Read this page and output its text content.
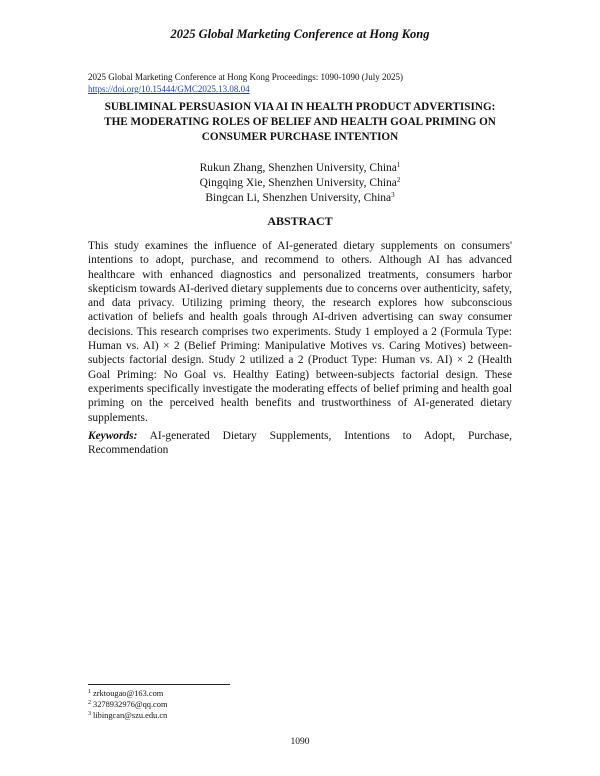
2025 Global Marketing Conference at Hong Kong
2025 Global Marketing Conference at Hong Kong Proceedings: 1090-1090 (July 2025)
https://doi.org/10.15444/GMC2025.13.08.04
SUBLIMINAL PERSUASION VIA AI IN HEALTH PRODUCT ADVERTISING:
THE MODERATING ROLES OF BELIEF AND HEALTH GOAL PRIMING ON
CONSUMER PURCHASE INTENTION
Rukun Zhang, Shenzhen University, China$^1$
Qingqing Xie, Shenzhen University, China$^2$
Bingcan Li, Shenzhen University, China$^3$
ABSTRACT

This study examines the influence of AI-generated dietary supplements on consumers' intentions to adopt, purchase, and recommend to others. Although AI has advanced healthcare with enhanced diagnostics and personalized treatments, consumers harbor skepticism towards AI-derived dietary supplements due to concerns over authenticity, safety, and data privacy. Utilizing priming theory, the research explores how subconscious activation of beliefs and health goals through AI-driven advertising can sway consumer decisions. This research comprises two experiments. Study 1 employed a 2 (Formula Type: Human vs. AI) × 2 (Belief Priming: Manipulative Motives vs. Caring Motives) between-subjects factorial design. Study 2 utilized a 2 (Product Type: Human vs. AI) × 2 (Health Goal Priming: No Goal vs. Healthy Eating) between-subjects factorial design. These experiments specifically investigate the moderating effects of belief priming and health goal priming on the perceived health benefits and trustworthiness of AI-generated dietary supplements.

Keywords: AI-generated Dietary Supplements, Intentions to Adopt, Purchase, Recommendation

$^1$ zrktougao@163.com
$^2$ 3278932976@qq.com
$^3$ libingcan@szu.edu.cn
1090
